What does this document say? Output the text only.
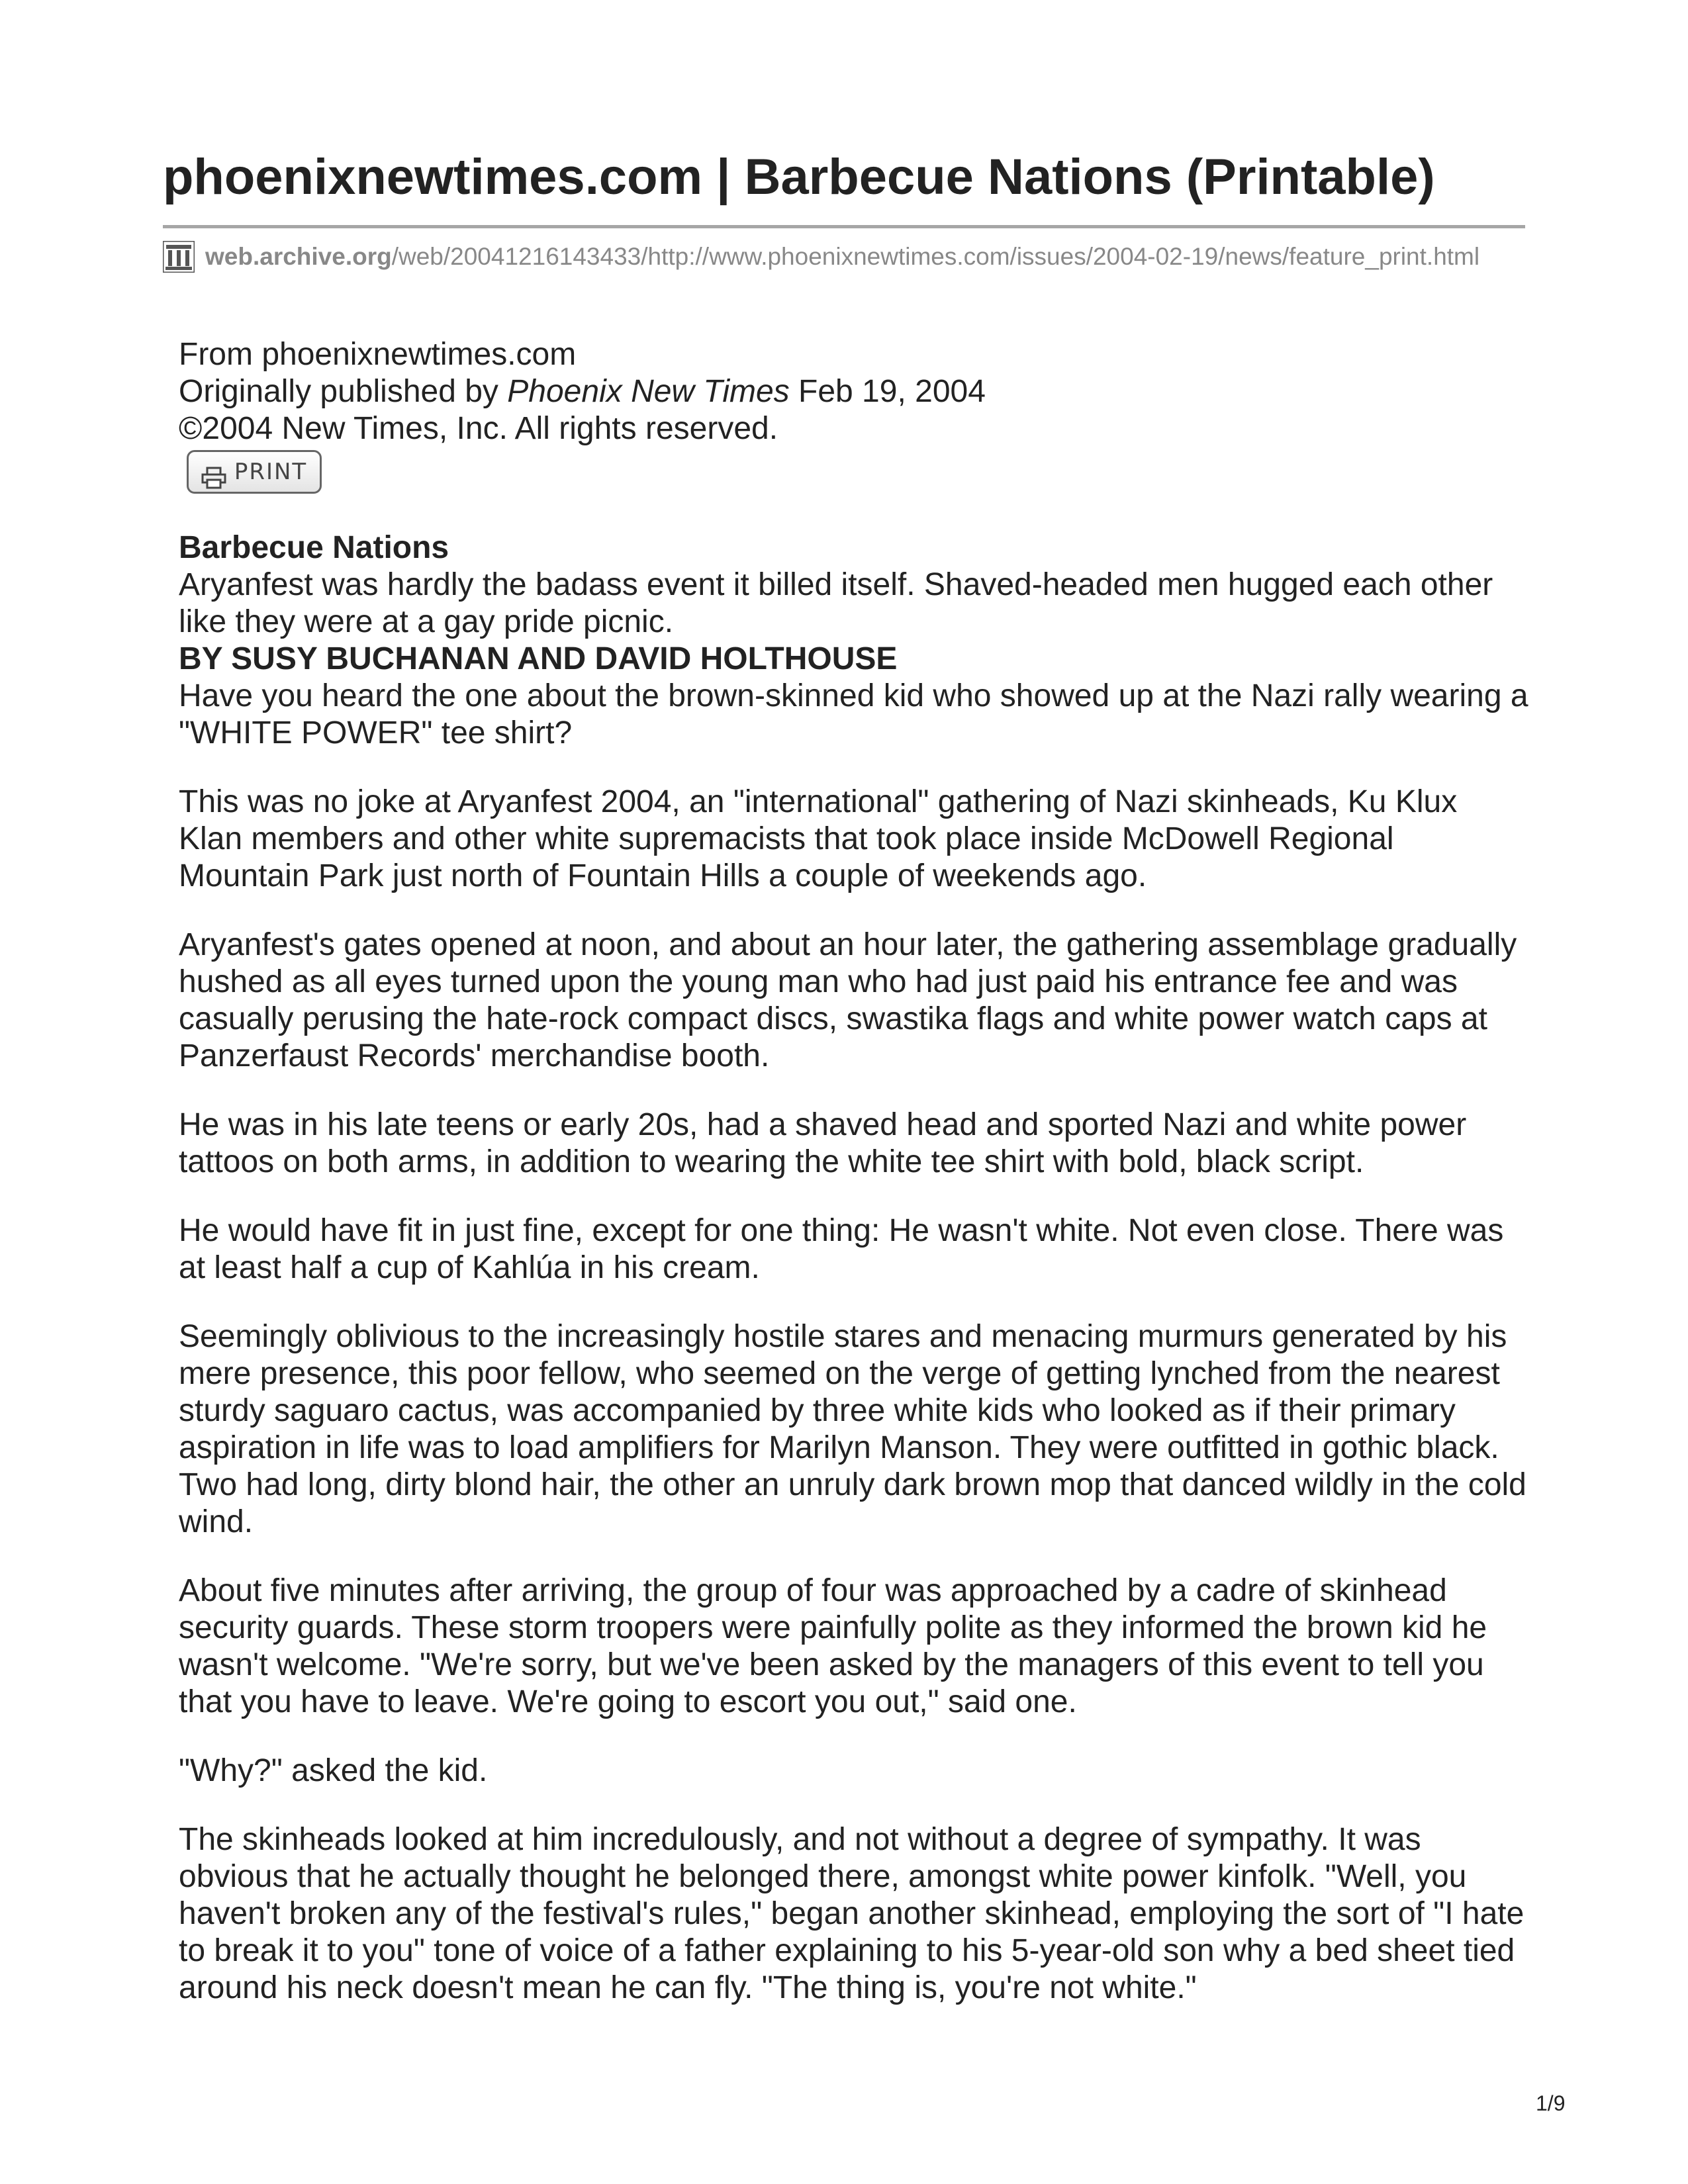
phoenixnewtimes.com | Barbecue Nations (Printable)
web.archive.org/web/20041216143433/http://www.phoenixnewtimes.com/issues/2004-02-19/news/feature_print.html

From phoenixnewtimes.com

Originally published by Phoenix New Times Feb 19, 2004

©2004 New Times, Inc. All rights reserved.

PRINT
Barbecue Nations

Aryanfest was hardly the badass event it billed itself. Shaved-headed men hugged each other like they were at a gay pride picnic.

BY SUSY BUCHANAN AND DAVID HOLTHOUSE

Have you heard the one about the brown-skinned kid who showed up at the Nazi rally wearing a "WHITE POWER" tee shirt?

This was no joke at Aryanfest 2004, an "international" gathering of Nazi skinheads, Ku Klux Klan members and other white supremacists that took place inside McDowell Regional Mountain Park just north of Fountain Hills a couple of weekends ago.

Aryanfest's gates opened at noon, and about an hour later, the gathering assemblage gradually hushed as all eyes turned upon the young man who had just paid his entrance fee and was casually perusing the hate-rock compact discs, swastika flags and white power watch caps at Panzerfaust Records' merchandise booth.

He was in his late teens or early 20s, had a shaved head and sported Nazi and white power tattoos on both arms, in addition to wearing the white tee shirt with bold, black script.

He would have fit in just fine, except for one thing: He wasn't white. Not even close. There was at least half a cup of Kahlúa in his cream.

Seemingly oblivious to the increasingly hostile stares and menacing murmurs generated by his mere presence, this poor fellow, who seemed on the verge of getting lynched from the nearest sturdy saguaro cactus, was accompanied by three white kids who looked as if their primary aspiration in life was to load amplifiers for Marilyn Manson. They were outfitted in gothic black. Two had long, dirty blond hair, the other an unruly dark brown mop that danced wildly in the cold wind.

About five minutes after arriving, the group of four was approached by a cadre of skinhead security guards. These storm troopers were painfully polite as they informed the brown kid he wasn't welcome. "We're sorry, but we've been asked by the managers of this event to tell you that you have to leave. We're going to escort you out," said one.

"Why?" asked the kid.

The skinheads looked at him incredulously, and not without a degree of sympathy. It was obvious that he actually thought he belonged there, amongst white power kinfolk. "Well, you haven't broken any of the festival's rules," began another skinhead, employing the sort of "I hate to break it to you" tone of voice of a father explaining to his 5-year-old son why a bed sheet tied around his neck doesn't mean he can fly. "The thing is, you're not white."

1/9
